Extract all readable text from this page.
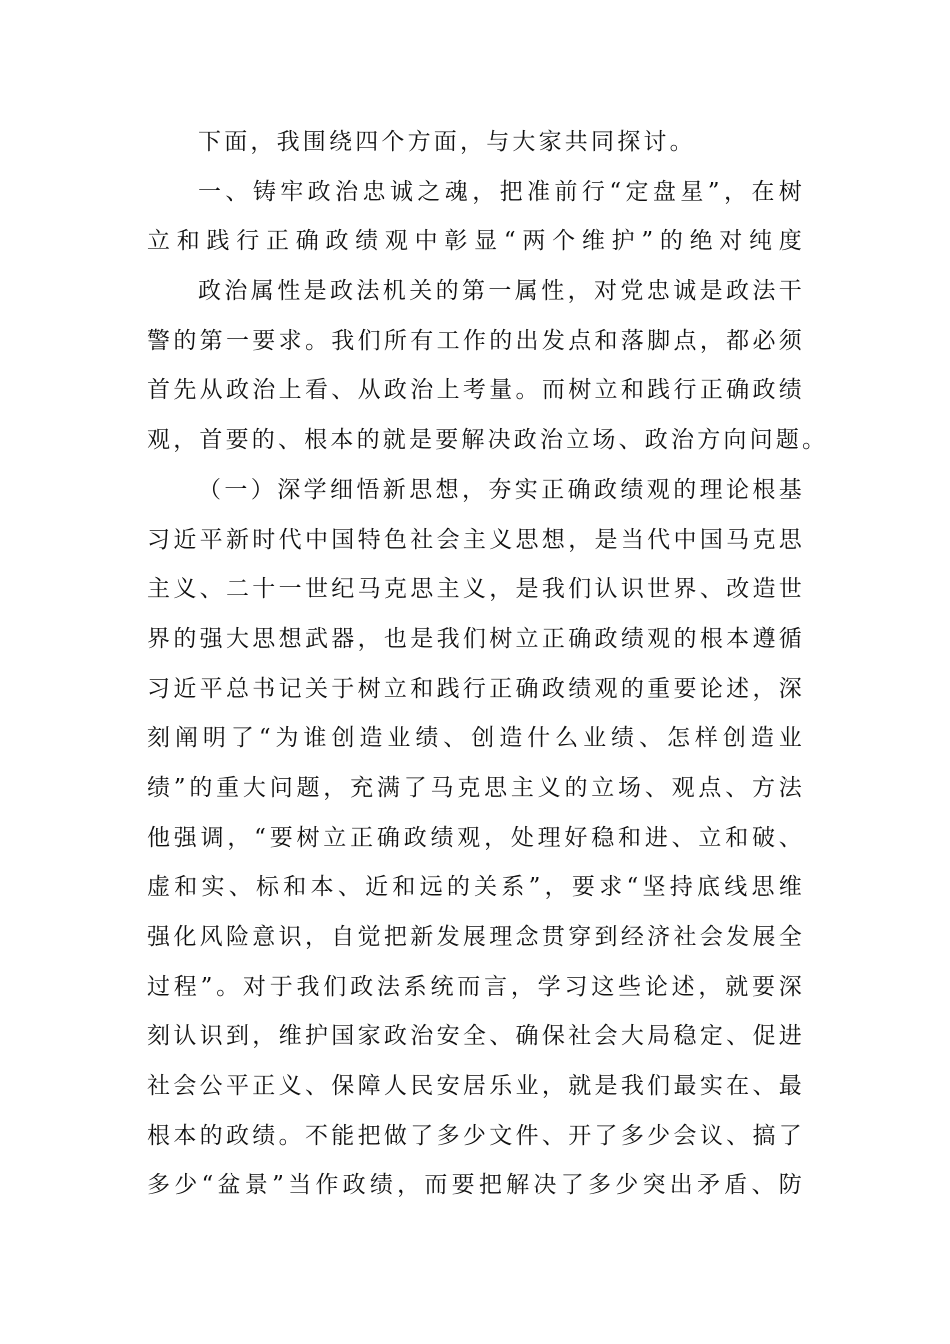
下面，我围绕四个方面，与大家共同探讨。
一、铸牢政治忠诚之魂，把准前行“定盘星”，在树
立和践行正确政绩观中彰显“两个维护”的绝对纯度
政治属性是政法机关的第一属性，对党忠诚是政法干
警的第一要求。我们所有工作的出发点和落脚点，都必须
首先从政治上看、从政治上考量。而树立和践行正确政绩
观，首要的、根本的就是要解决政治立场、政治方向问题。
（一）深学细悟新思想，夯实正确政绩观的理论根基
习近平新时代中国特色社会主义思想，是当代中国马克思
主义、二十一世纪马克思主义，是我们认识世界、改造世
界的强大思想武器，也是我们树立正确政绩观的根本遵循
习近平总书记关于树立和践行正确政绩观的重要论述，深
刻阐明了“为谁创造业绩、创造什么业绩、怎样创造业
绩”的重大问题，充满了马克思主义的立场、观点、方法
他强调，“要树立正确政绩观，处理好稳和进、立和破、
虚和实、标和本、近和远的关系”，要求“坚持底线思维
强化风险意识，自觉把新发展理念贯穿到经济社会发展全
过程”。对于我们政法系统而言，学习这些论述，就要深
刻认识到，维护国家政治安全、确保社会大局稳定、促进
社会公平正义、保障人民安居乐业，就是我们最实在、最
根本的政绩。不能把做了多少文件、开了多少会议、搞了
多少“盆景”当作政绩，而要把解决了多少突出矛盾、防
